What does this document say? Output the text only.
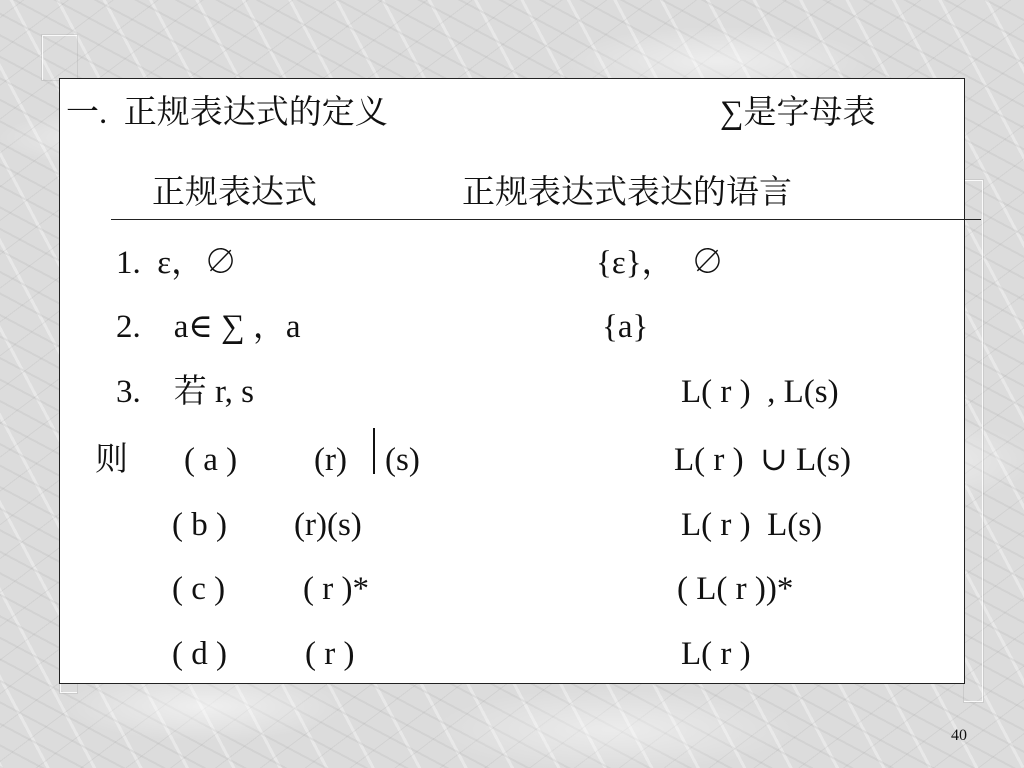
一.  正规表达式的定义	∑是字母表
正规表达式	正规表达式表达的语言
1.  ε，∅	{ε}，  ∅
2.    a∈ ∑ ，a	{a}
3.    若 r, s	L( r )  , L(s)
则 ( a ) (r) (s)	L( r )  ∪ L(s)
( b ) (r)(s)	L( r )  L(s)
( c ) ( r )*	( L( r ))*
( d ) ( r )	L( r )
40
